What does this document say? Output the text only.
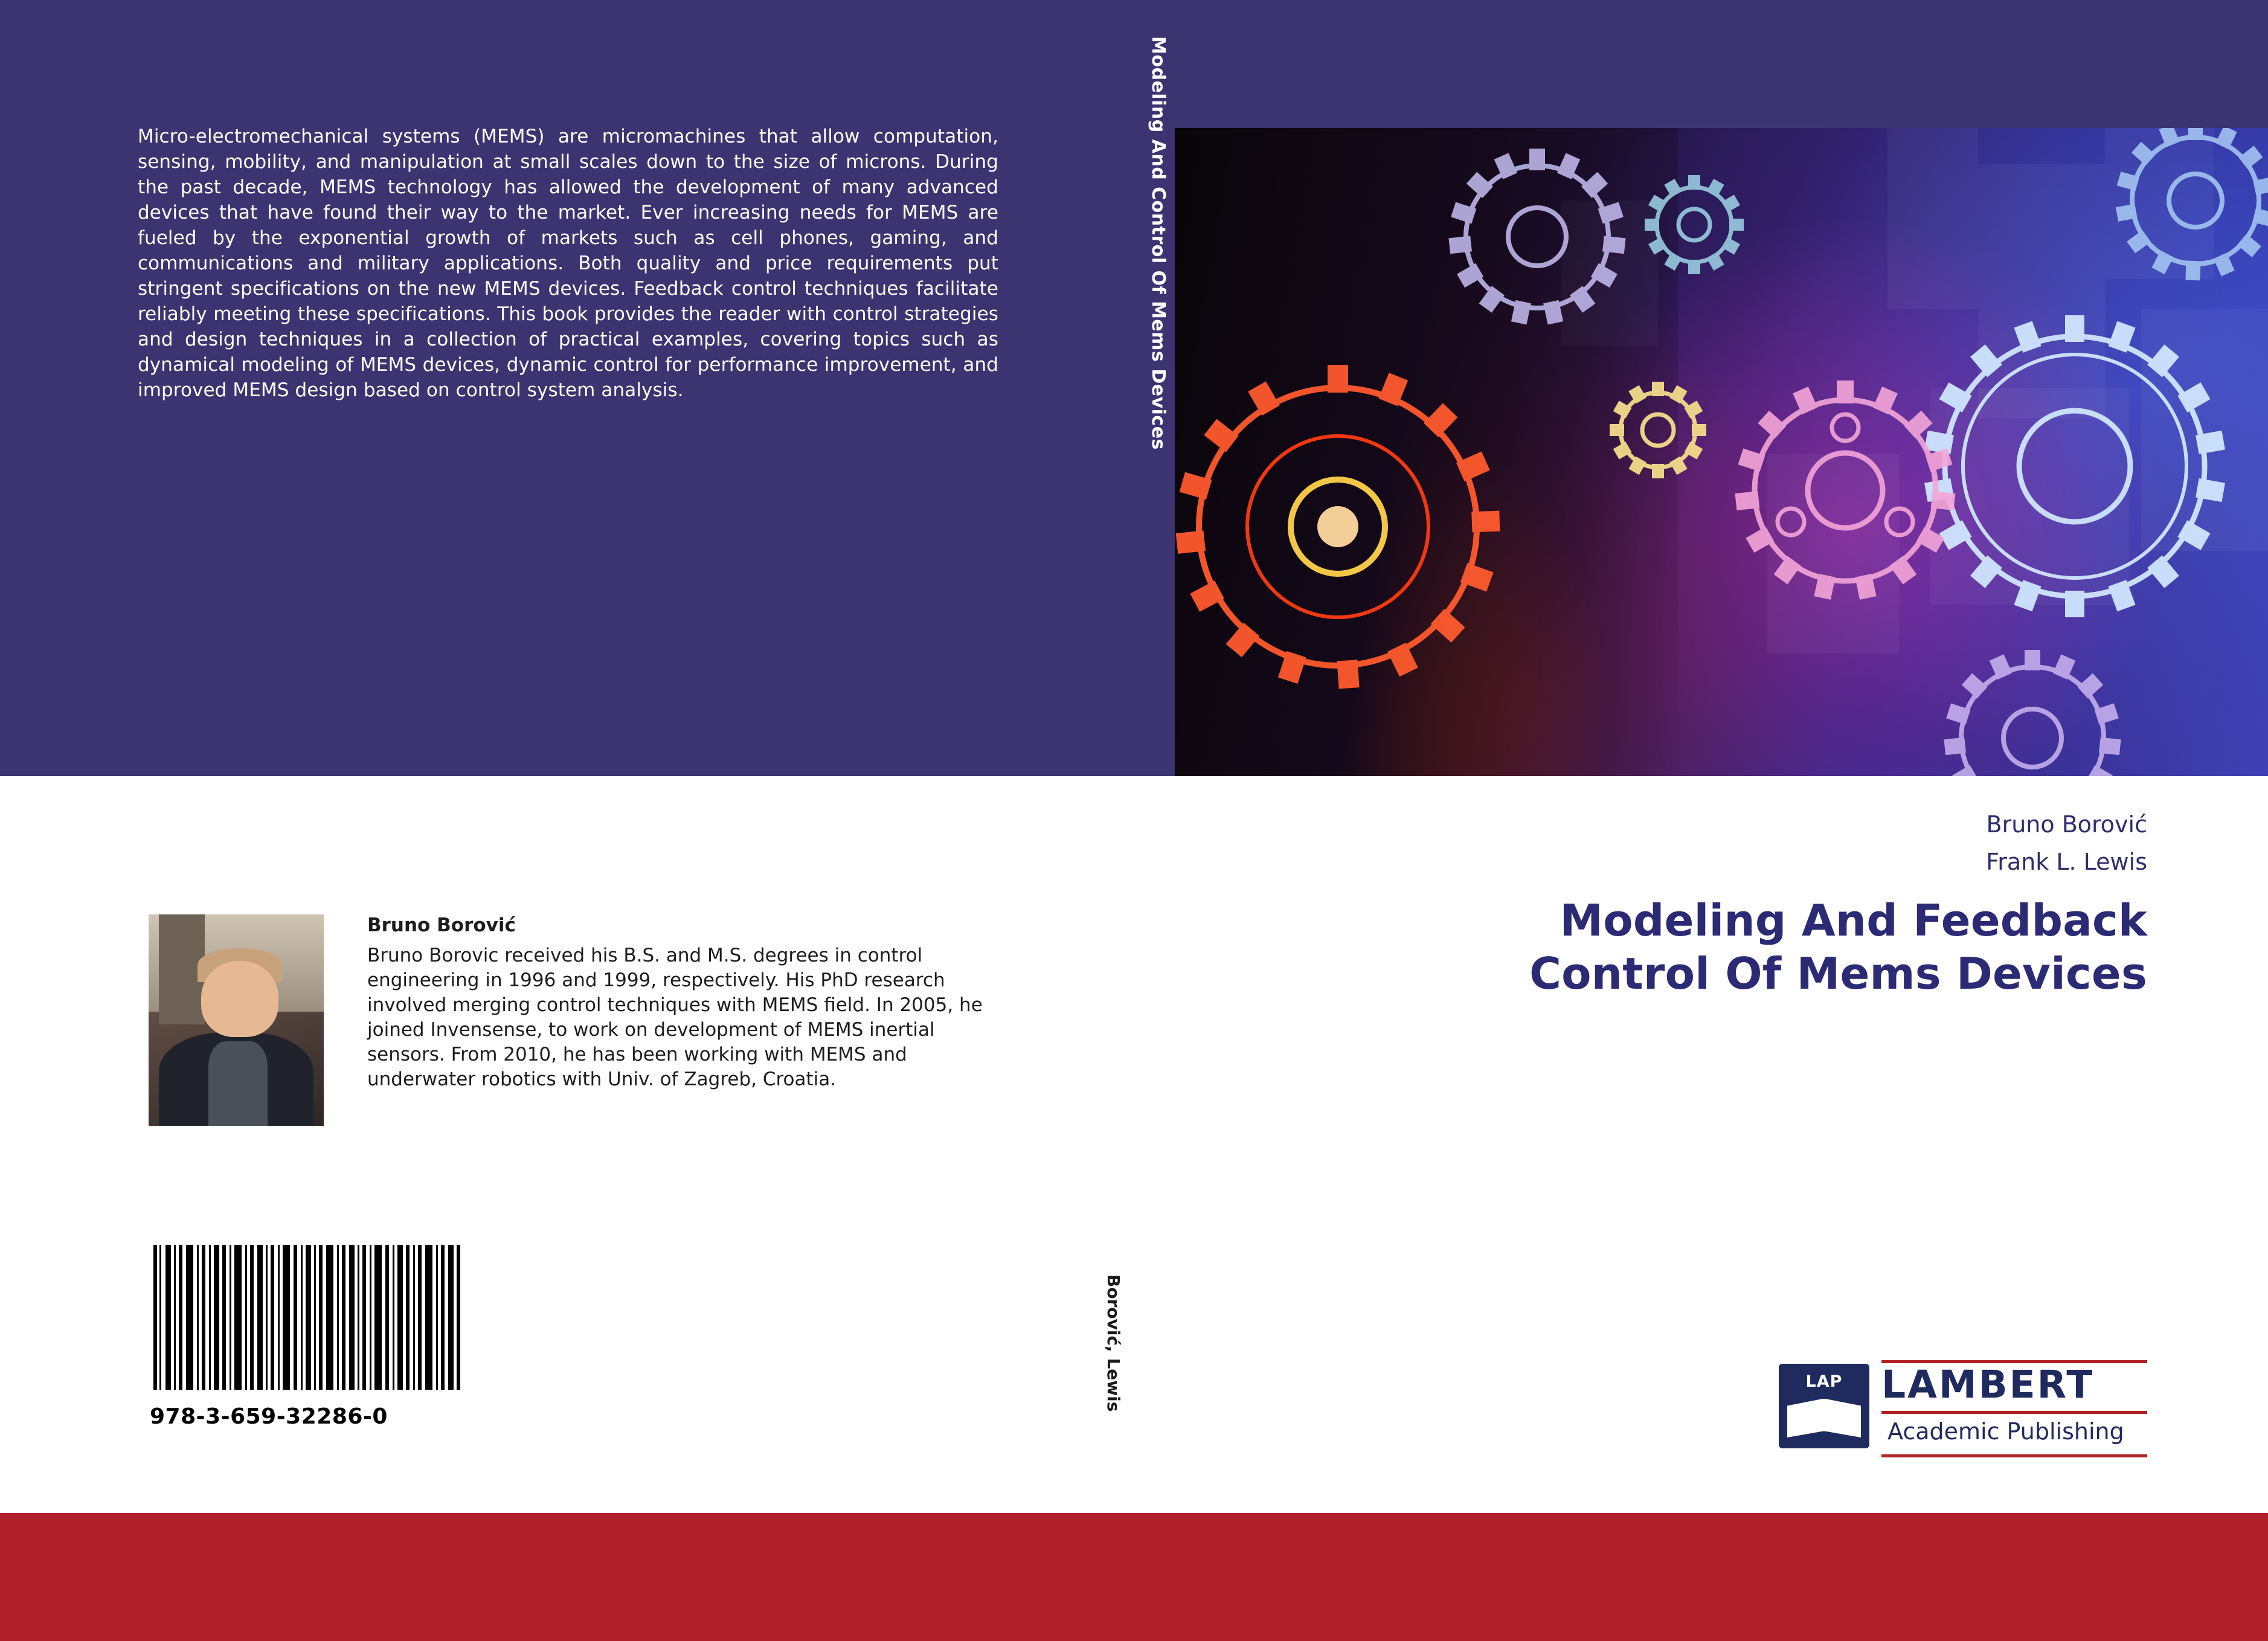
Micro-electromechanical systems (MEMS) are micromachines that allow computation, sensing, mobility, and manipulation at small scales down to the size of microns. During the past decade, MEMS technology has allowed the development of many advanced devices that have found their way to the market. Ever increasing needs for MEMS are fueled by the exponential growth of markets such as cell phones, gaming, and communications and military applications. Both quality and price requirements put stringent specifications on the new MEMS devices. Feedback control techniques facilitate reliably meeting these specifications. This book provides the reader with control strategies and design techniques in a collection of practical examples, covering topics such as dynamical modeling of MEMS devices, dynamic control for performance improvement, and improved MEMS design based on control system analysis.	Modeling And Control Of Mems Devices
Bruno Borović
Frank L. Lewis
Modeling And Feedback
Control Of Mems Devices
Bruno Borović
Bruno Borovic received his B.S. and M.S. degrees in control engineering in 1996 and 1999, respectively. His PhD research involved merging control techniques with MEMS field. In 2005, he joined Invensense, to work on development of MEMS inertial sensors. From 2010, he has been working with MEMS and underwater robotics with Univ. of Zagreb, Croatia.
978-3-659-32286-0
Borović, Lewis	LAP LAMBERT
Academic Publishing
